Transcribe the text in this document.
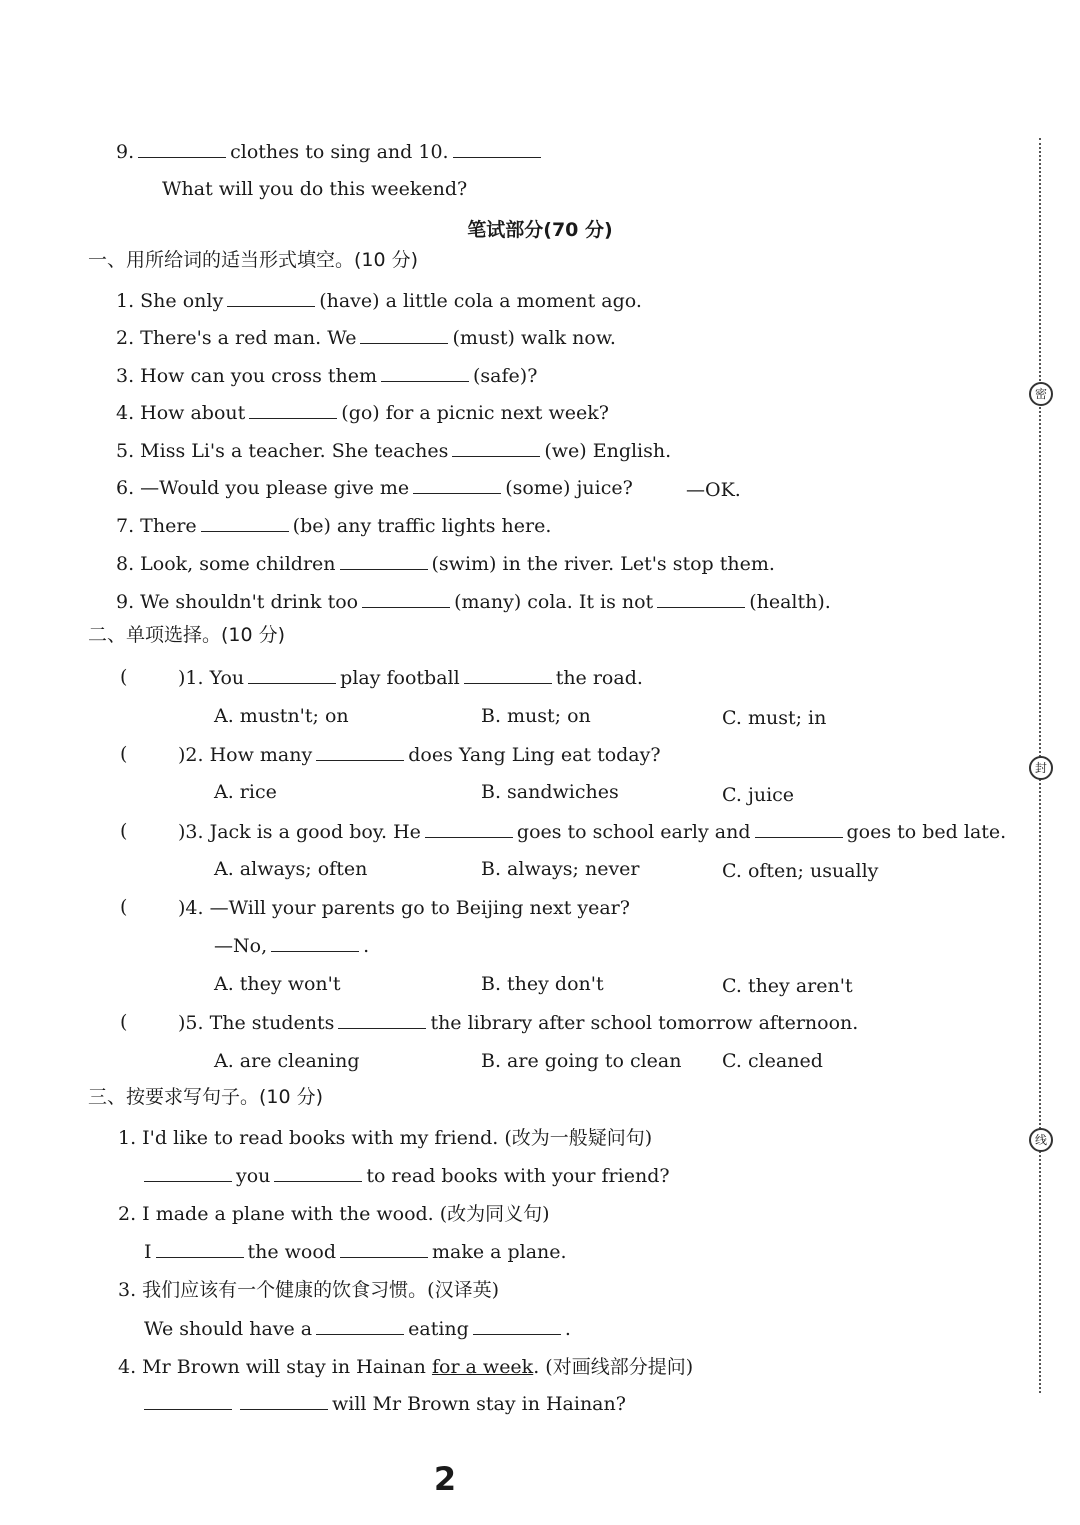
9.	clothes to sing and 10.
What will you do this weekend?
笔试部分(70 分)
一、用所给词的适当形式填空。(10 分)
1. She only	(have) a little cola a moment ago.
2. There's a red man. We	(must) walk now.
3. How can you cross them	(safe)?
4. How about	(go) for a picnic next week?
5. Miss Li's a teacher. She teaches	(we) English.
6. —Would you please give me	(some) juice?	—OK.
7. There	(be) any traffic lights here.
8. Look, some children	(swim) in the river. Let's stop them.
9. We shouldn't drink too	(many) cola. It is not	(health).
二、单项选择。(10 分)
(	)1. You	play football	the road.
A. mustn't; on	B. must; on	C. must; in
(	)2. How many	does Yang Ling eat today?
A. rice	B. sandwiches	C. juice
(	)3. Jack is a good boy. He	goes to school early and	goes to bed late.
A. always; often	B. always; never	C. often; usually
(	)4. —Will your parents go to Beijing next year?
—No,	.
A. they won't	B. they don't	C. they aren't
(	)5. The students	the library after school tomorrow afternoon.
A. are cleaning	B. are going to clean C. cleaned
三、按要求写句子。(10 分)
1. I'd like to read books with my friend. (改为一般疑问句)
you	to read books with your friend?
2. I made a plane with the wood. (改为同义句)
I	the wood	make a plane.
3. 我们应该有一个健康的饮食习惯。(汉译英)
We should have a	eating	.
4. Mr Brown will stay in Hainan for a week. (对画线部分提问)
will Mr Brown stay in Hainan?
密
封
线
2
